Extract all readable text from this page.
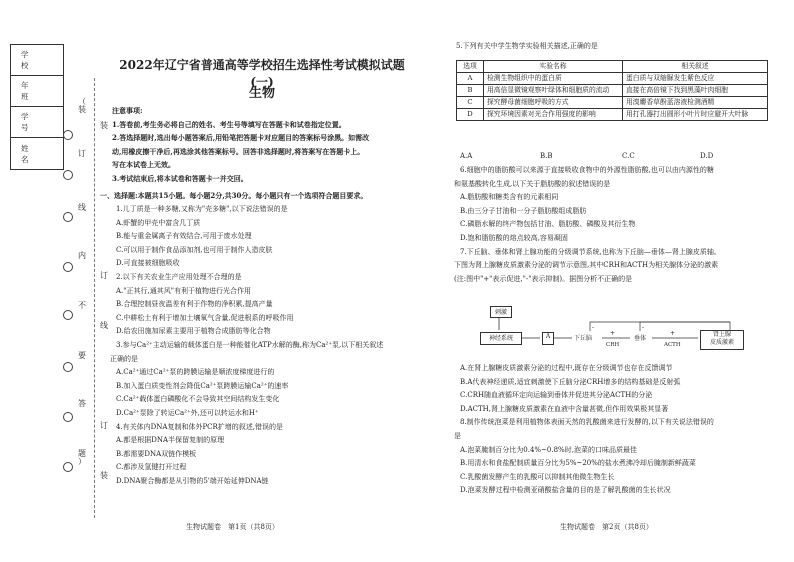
学　校
年　班
学　号
姓　名
（
装
订
线
内
不
要
答
题
）
装
订
线
订
装
2022年辽宁省普通高等学校招生选择性考试模拟试题(一)
生物

注意事项:

1.答卷前,考生务必将自己的姓名、考生号等填写在答题卡和试卷指定位置。

2.答选择题时,选出每小题答案后,用铅笔把答题卡对应题目的答案标号涂黑。如需改

动,用橡皮擦干净后,再选涂其他答案标号。回答非选择题时,将答案写在答题卡上。

写在本试卷上无效。

3.考试结束后,将本试卷和答题卡一并交回。

一、选择题:本题共15小题。每小题2分,共30分。每小题只有一个选项符合题目要求。

1.儿丁质是一种多糖,又称为"壳多糖",以下说法错误的是

A.虾蟹的甲壳中富含几丁质

B.能与重金属离子有效结合,可用于废水处理

C.可以用于制作食品添加剂,也可用于制作人造皮肤

D.可直接被细胞吸收

2.以下有关农业生产应用处理不合理的是

A."正其行,通其风"有利于植物进行光合作用

B.合理控制昼夜温差有利于作物的净积累,提高产量

C.中耕松土有利于增加土壤氧气含量,促进根系的呼吸作用

D.给农田施加尿素主要用于植物合成脂肪等化合物

3.参与Ca²⁺主动运输的载体蛋白是一种能催化ATP水解的酶,称为Ca²⁺泵,以下相关叙述

正确的是

A.Ca²⁺通过Ca²⁺泵的跨膜运输是顺浓度梯度进行的

B.加入蛋白质变性剂会降低Ca²⁺泵跨膜运输Ca²⁺的速率

C.Ca²⁺载体蛋白磷酸化不会导致其空间结构发生变化

D.Ca²⁺泵除了转运Ca²⁺外,还可以转运水和H⁺

4.有关体内DNA复制和体外PCR扩增的叙述,错误的是

A.都是根据DNA半保留复制的原理

B.都需要DNA双链作模板

C.都涉及氢键打开过程

D.DNA聚合酶都是从引物的5'端开始延伸DNA链

生物试题卷　第1页（共8页）
5.下列有关中学生物学实验相关描述,正确的是
选项	实验名称	相关叙述
A	检测生物组织中的蛋白质	蛋白质与双缩脲发生紫色反应
B	用高倍显微镜观察叶绿体和细胞质的流动	直接在高倍镜下找到黑藻叶肉细胞
C	探究酵母菌细胞呼吸的方式	用溴麝香草酚蓝溶液检测酒精
D	探究环境因素对光合作用强度的影响	用打孔器打出圆形小叶片时应避开大叶脉
A.A	B.B	C.C	D.D

6.细胞中的脂肪酸可以来源于直接吸收食物中的外源性脂肪酸,也可以由内源性的糖

和氨基酸转化生成,以下关于脂肪酸的叙述错误的是

A.脂肪酸和糖类含有的元素相同

B.由三分子甘油和一分子脂肪酸组成脂肪

C.磷脂水解的终产物包括甘油、脂肪酸、磷酸及其衍生物

D.饱和脂肪酸的熔点较高,容易凝固

7.下丘脑、垂体和肾上腺功能的分级调节系统,也称为下丘脑—垂体—肾上腺皮质轴。

下图为肾上腺糖皮质激素分泌的调节示意图,其中CRH和ACTH为相关腺体分泌的激素

(注:图中"+"表示促进,"-"表示抑制)。据图分析不正确的是

刺激
神经系统	A	下丘脑	垂体
肾上腺
皮质激素
CRH	ACTH
+	+
-	-

A.在肾上腺糖皮质激素分泌的过程中,既存在分级调节也存在反馈调节

B.A代表神经递质,适宜刺激使下丘脑分泌CRH增多的结构基础是反射弧

C.CRH随血液循环定向运输到垂体并促进其分泌ACTH的分泌

D.ACTH,肾上腺糖皮质激素在血液中含量甚微,但作用效果极其显著

8.制作传统泡菜是利用植物体表面天然的乳酸菌来进行发酵的,以下有关说法错误的

是

A.泡菜腌制百分比为0.4%~0.8%时,泡菜的口味品质最佳

B.用清水和食盐配制质量百分比为5%~20%的盐水煮沸冷却后腌制新鲜蔬菜

C.乳酸菌发酵产生的乳酸可以抑制其他微生物生长

D.泡菜发酵过程中检测亚硝酸盐含量的目的是了解乳酸菌的生长状况

生物试题卷　第2页（共8页）
